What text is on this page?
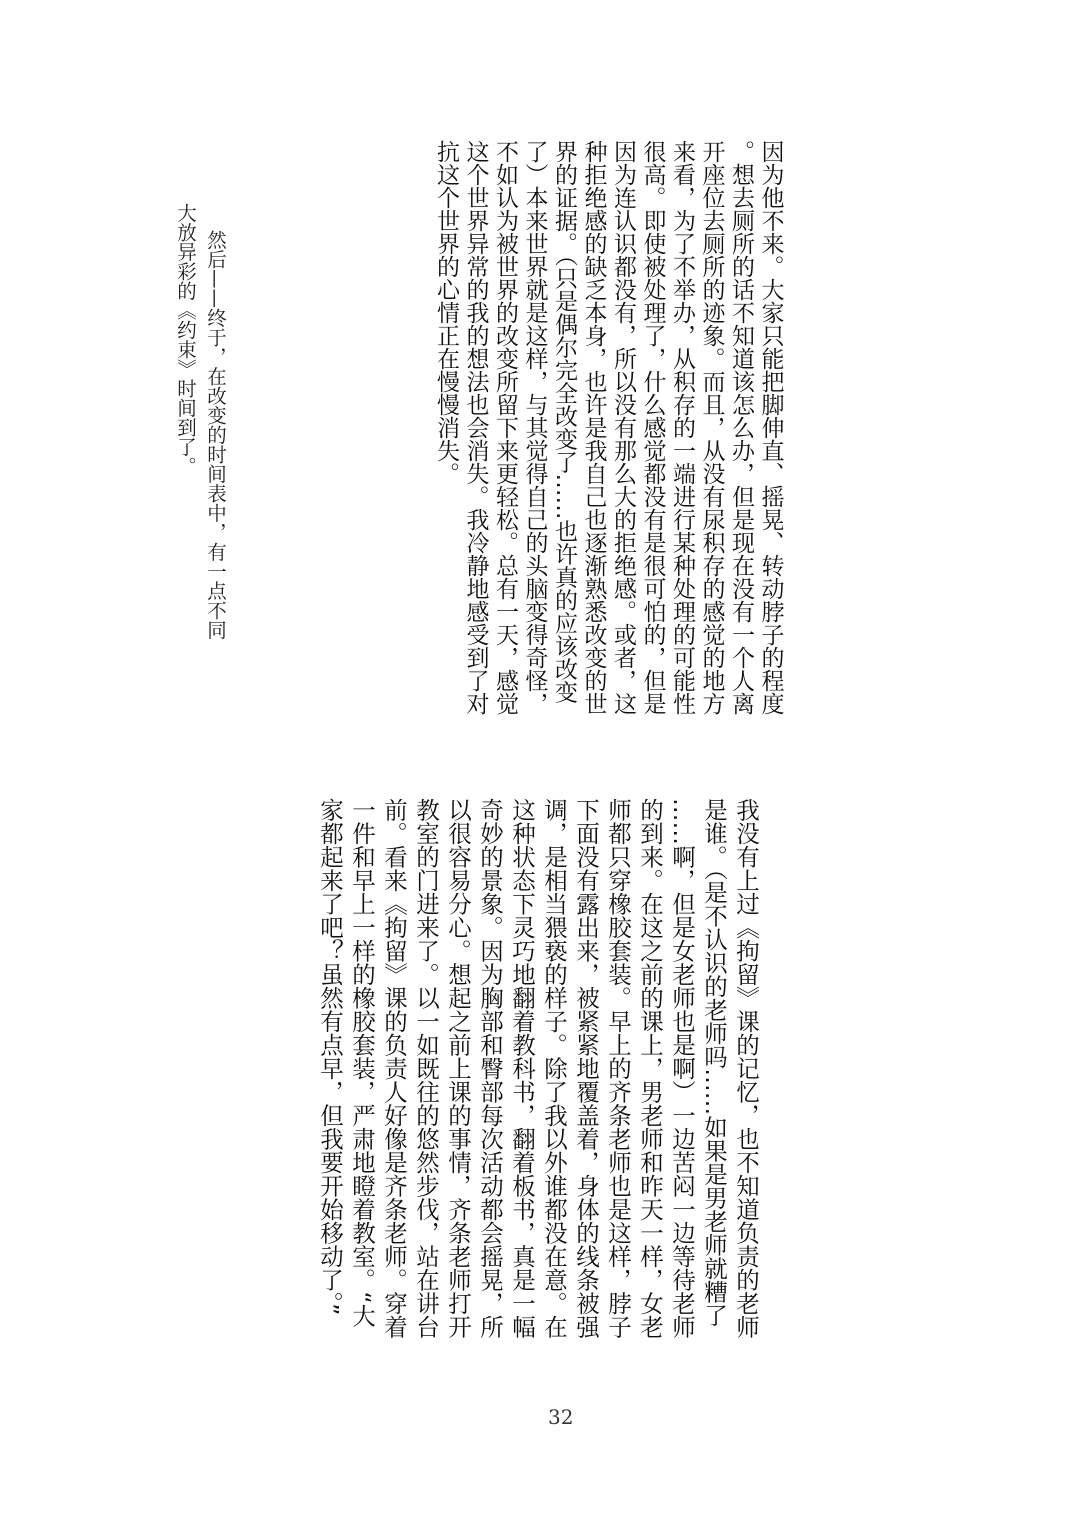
因为他不来。大家只能把脚伸直、摇晃、转动脖子的程度
。想去厕所的话不知道该怎么办，但是现在没有一个人离
开座位去厕所的迹象。而且，从没有尿积存的感觉的地方
来看，为了不举办，从积存的一端进行某种处理的可能性
很高。即使被处理了，什么感觉都没有是很可怕的，但是
因为连认识都没有，所以没有那么大的拒绝感。或者，这
种拒绝感的缺乏本身，也许是我自己也逐渐熟悉改变的世
界的证据。（只是偶尔完全改变了……也许真的应该改变
了）本来世界就是这样，与其觉得自己的头脑变得奇怪，
不如认为被世界的改变所留下来更轻松。总有一天，感觉
这个世界异常的我的想法也会消失。我冷静地感受到了对
抗这个世界的心情正在慢慢消失。
然后——终于，在改变的时间表中，有一点不同
大放异彩的《约束》时间到了。
我没有上过《拘留》课的记忆，也不知道负责的老师
是谁。（是不认识的老师吗……如果是男老师就糟了
……啊，但是女老师也是啊）一边苦闷一边等待老师
的到来。在这之前的课上，男老师和昨天一样，女老
师都只穿橡胶套装。早上的齐条老师也是这样，脖子
下面没有露出来，被紧紧地覆盖着，身体的线条被强
调，是相当猥亵的样子。除了我以外谁都没在意。在
这种状态下灵巧地翻着教科书，翻着板书，真是一幅
奇妙的景象。因为胸部和臀部每次活动都会摇晃，所
以很容易分心。想起之前上课的事情，齐条老师打开
教室的门进来了。以一如既往的悠然步伐，站在讲台
前。看来《拘留》课的负责人好像是齐条老师。穿着
一件和早上一样的橡胶套装，严肃地瞪着教室。“大
家都起来了吧？虽然有点早，但我要开始移动了。”
32
